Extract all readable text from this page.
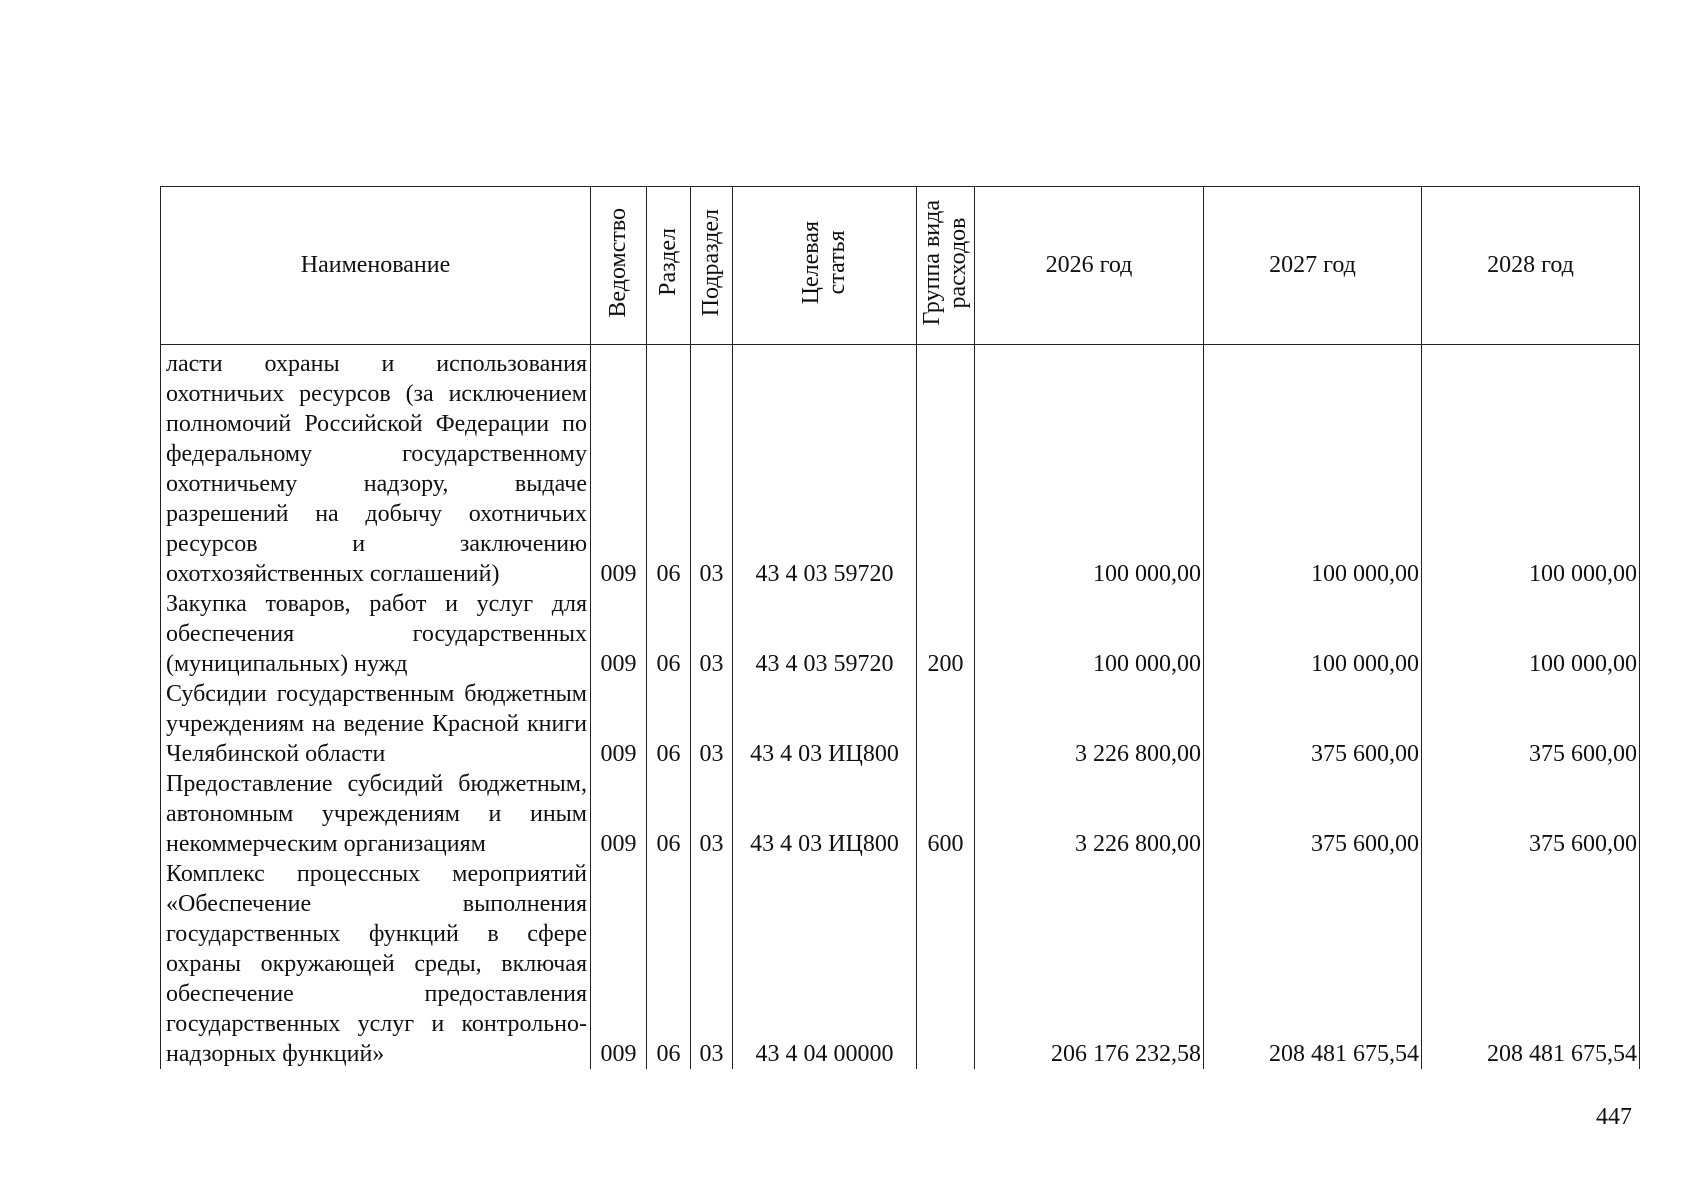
Наименование	Ведомство	Раздел	Подраздел	Целевая статья	Группа вида расходов	2026 год	2027 год	2028 год
ласти охраны и использования охотничьих ресурсов (за исключением полномочий Российской Федерации по федеральному государственному охотничьему надзору, выдаче разрешений на добычу охотничьих ресурсов и заключению охотхозяйственных соглашений)	009	06	03	43 4 03 59720		100 000,00	100 000,00	100 000,00
Закупка товаров, работ и услуг для обеспечения государственных (муниципальных) нужд	009	06	03	43 4 03 59720	200	100 000,00	100 000,00	100 000,00
Субсидии государственным бюджетным учреждениям на ведение Красной книги Челябинской области	009	06	03	43 4 03 ИЦ800		3 226 800,00	375 600,00	375 600,00
Предоставление субсидий бюджетным, автономным учреждениям и иным некоммерческим организациям	009	06	03	43 4 03 ИЦ800	600	3 226 800,00	375 600,00	375 600,00
Комплекс процессных мероприятий «Обеспечение выполнения государственных функций в сфере охраны окружающей среды, включая обеспечение предоставления государственных услуг и контрольно-надзорных функций»	009	06	03	43 4 04 00000		206 176 232,58	208 481 675,54	208 481 675,54
447
